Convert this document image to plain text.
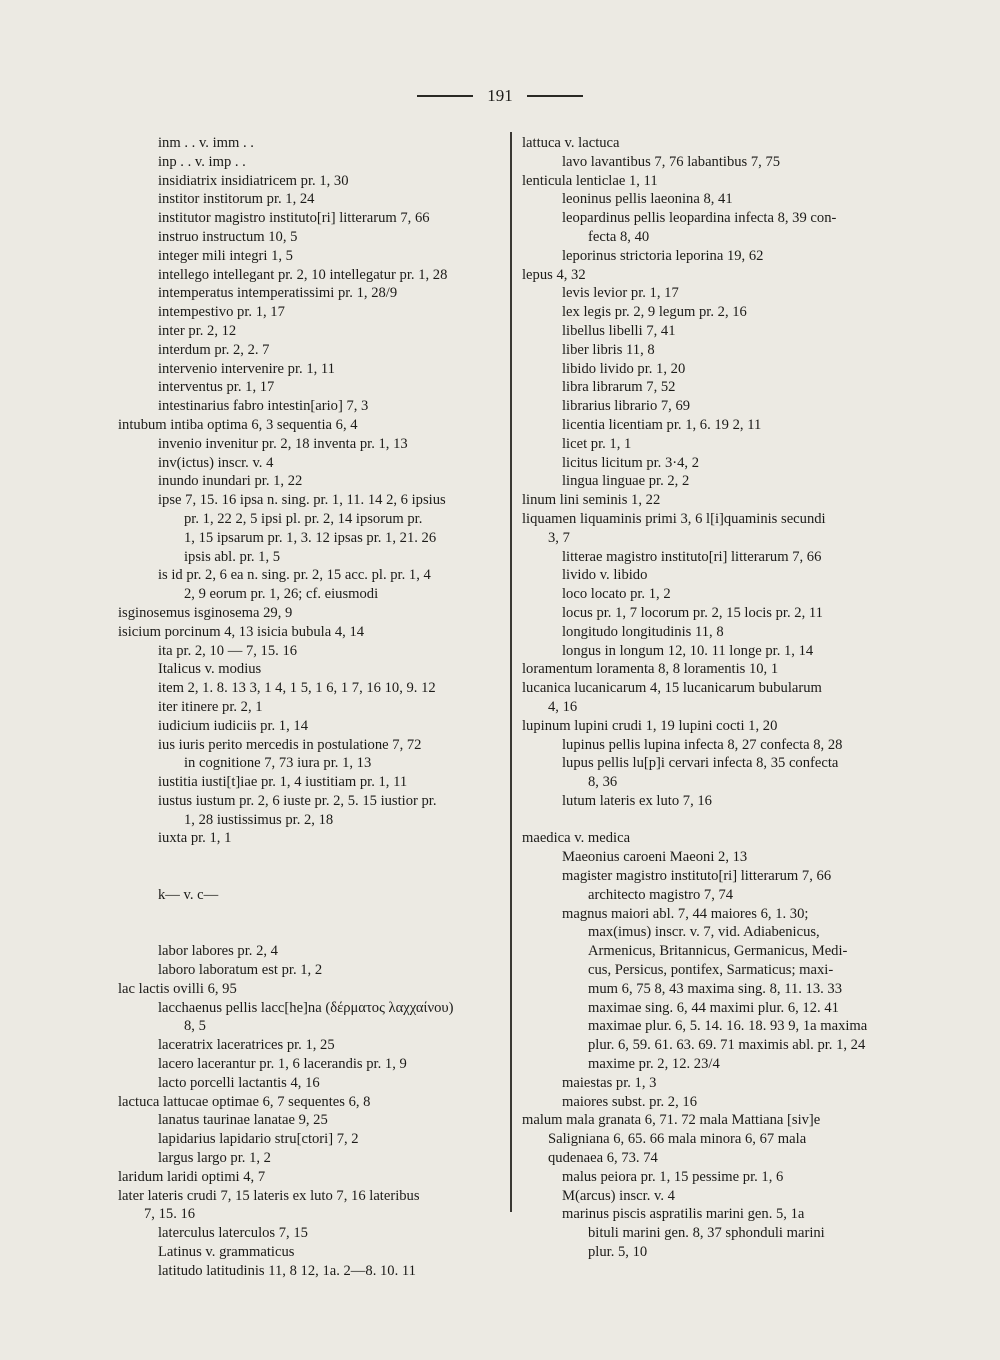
191
inm . . v. imm . .
inp . . v. imp . .
insidiatrix insidiatricem pr. 1, 30
institor institorum pr. 1, 24
institutor magistro instituto[ri] litterarum 7, 66
instruo instructum 10, 5
integer mili integri 1, 5
intellego intellegant pr. 2, 10 intellegatur pr. 1, 28
intemperatus intemperatissimi pr. 1, 28/9
intempestivo pr. 1, 17
inter pr. 2, 12
interdum pr. 2, 2. 7
intervenio intervenire pr. 1, 11
interventus pr. 1, 17
intestinarius fabro intestin[ario] 7, 3
intubum intiba optima 6, 3 sequentia 6, 4
invenio invenitur pr. 2, 18 inventa pr. 1, 13
inv(ictus) inscr. v. 4
inundo inundari pr. 1, 22
ipse 7, 15. 16 ipsa n. sing. pr. 1, 11. 14 2, 6 ipsius
pr. 1, 22 2, 5 ipsi pl. pr. 2, 14 ipsorum pr.
1, 15 ipsarum pr. 1, 3. 12 ipsas pr. 1, 21. 26
ipsis abl. pr. 1, 5
is id pr. 2, 6 ea n. sing. pr. 2, 15 acc. pl. pr. 1, 4
2, 9 eorum pr. 1, 26; cf. eiusmodi
isginosemus isginosema 29, 9
isicium porcinum 4, 13 isicia bubula 4, 14
ita pr. 2, 10 — 7, 15. 16
Italicus v. modius
item 2, 1. 8. 13 3, 1 4, 1 5, 1 6, 1 7, 16 10, 9. 12
iter itinere pr. 2, 1
iudicium iudiciis pr. 1, 14
ius iuris perito mercedis in postulatione 7, 72
in cognitione 7, 73 iura pr. 1, 13
iustitia iusti[t]iae pr. 1, 4 iustitiam pr. 1, 11
iustus iustum pr. 2, 6 iuste pr. 2, 5. 15 iustior pr.
1, 28 iustissimus pr. 2, 18
iuxta pr. 1, 1
k— v. c—
labor labores pr. 2, 4
laboro laboratum est pr. 1, 2
lac lactis ovilli 6, 95
lacchaenus pellis lacc[he]na (δέρματος λαχχαίνου)
8, 5
laceratrix laceratrices pr. 1, 25
lacero lacerantur pr. 1, 6 lacerandis pr. 1, 9
lacto porcelli lactantis 4, 16
lactuca lattucae optimae 6, 7 sequentes 6, 8
lanatus taurinae lanatae 9, 25
lapidarius lapidario stru[ctori] 7, 2
largus largo pr. 1, 2
laridum laridi optimi 4, 7
later lateris crudi 7, 15 lateris ex luto 7, 16 lateribus
7, 15. 16
laterculus laterculos 7, 15
Latinus v. grammaticus
latitudo latitudinis 11, 8 12, 1a. 2—8. 10. 11
lattuca v. lactuca
lavo lavantibus 7, 76 labantibus 7, 75
lenticula lenticlae 1, 11
leoninus pellis laeonina 8, 41
leopardinus pellis leopardina infecta 8, 39 con-
fecta 8, 40
leporinus strictoria leporina 19, 62
lepus 4, 32
levis levior pr. 1, 17
lex legis pr. 2, 9 legum pr. 2, 16
libellus libelli 7, 41
liber libris 11, 8
libido livido pr. 1, 20
libra librarum 7, 52
librarius librario 7, 69
licentia licentiam pr. 1, 6. 19 2, 11
licet pr. 1, 1
licitus licitum pr. 3·4, 2
lingua linguae pr. 2, 2
linum lini seminis 1, 22
liquamen liquaminis primi 3, 6 l[i]quaminis secundi
3, 7
litterae magistro instituto[ri] litterarum 7, 66
livido v. libido
loco locato pr. 1, 2
locus pr. 1, 7 locorum pr. 2, 15 locis pr. 2, 11
longitudo longitudinis 11, 8
longus in longum 12, 10. 11 longe pr. 1, 14
loramentum loramenta 8, 8 loramentis 10, 1
lucanica lucanicarum 4, 15 lucanicarum bubularum
4, 16
lupinum lupini crudi 1, 19 lupini cocti 1, 20
lupinus pellis lupina infecta 8, 27 confecta 8, 28
lupus pellis lu[p]i cervari infecta 8, 35 confecta
8, 36
lutum lateris ex luto 7, 16
maedica v. medica
Maeonius caroeni Maeoni 2, 13
magister magistro instituto[ri] litterarum 7, 66
architecto magistro 7, 74
magnus maiori abl. 7, 44 maiores 6, 1. 30;
max(imus) inscr. v. 7, vid. Adiabenicus,
Armenicus, Britannicus, Germanicus, Medi-
cus, Persicus, pontifex, Sarmaticus; maxi-
mum 6, 75 8, 43 maxima sing. 8, 11. 13. 33
maximae sing. 6, 44 maximi plur. 6, 12. 41
maximae plur. 6, 5. 14. 16. 18. 93 9, 1a maxima
plur. 6, 59. 61. 63. 69. 71 maximis abl. pr. 1, 24
maxime pr. 2, 12. 23/4
maiestas pr. 1, 3
maiores subst. pr. 2, 16
malum mala granata 6, 71. 72 mala Mattiana [siv]e
Saligniana 6, 65. 66 mala minora 6, 67 mala
qudenaea 6, 73. 74
malus peiora pr. 1, 15 pessime pr. 1, 6
M(arcus) inscr. v. 4
marinus piscis aspratilis marini gen. 5, 1a
bituli marini gen. 8, 37 sphonduli marini
plur. 5, 10
